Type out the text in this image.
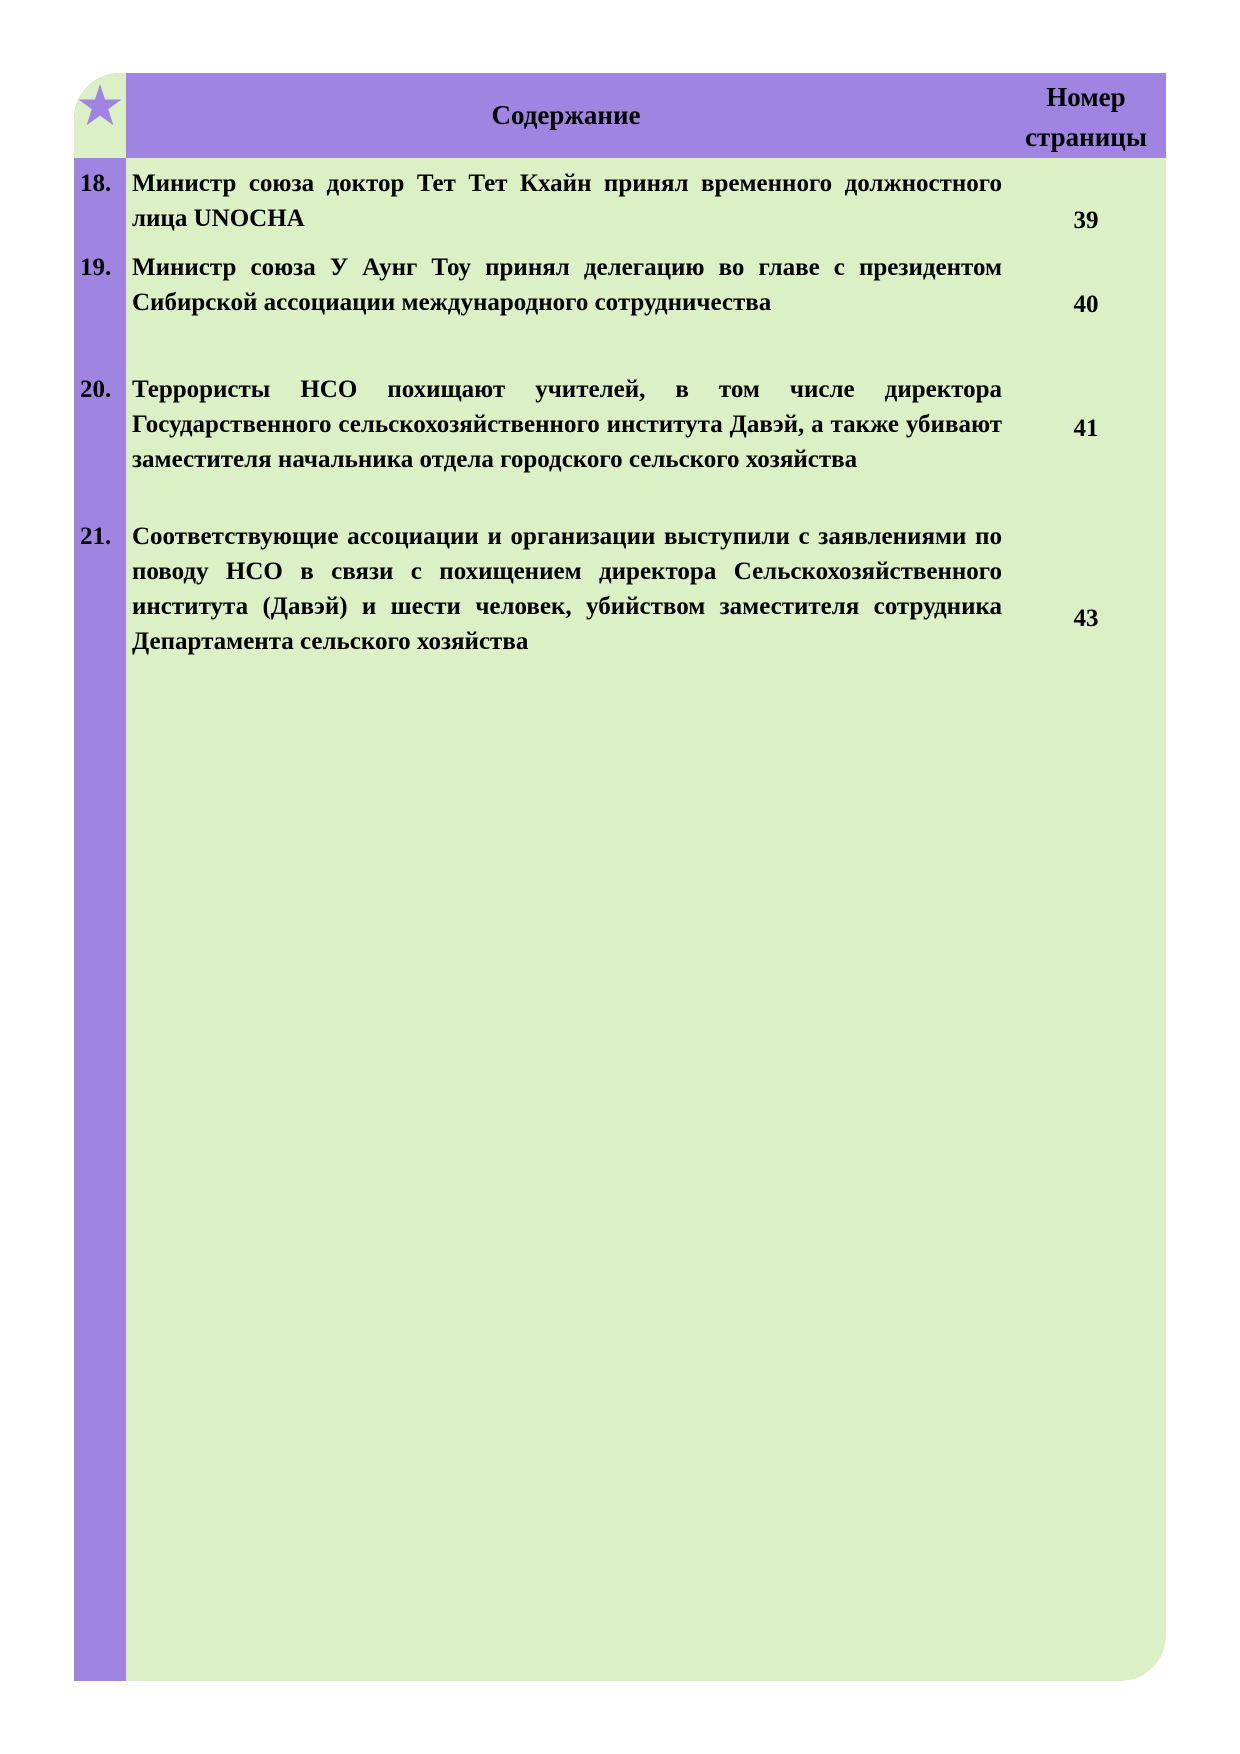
Содержание
Номер
страницы
18. Министр союза доктор Тет Тет Кхайн принял временного должностного лица UNOCHA	39
19. Министр союза У Аунг Тоу принял делегацию во главе с президентом Сибирской ассоциации международного сотрудничества	40
20. Террористы НСО похищают учителей, в том числе директора Государственного сельскохозяйственного института Давэй, а также убивают заместителя начальника отдела городского сельского хозяйства
41
21. Соответствующие ассоциации и организации выступили с заявлениями по поводу НСО в связи с похищением директора Сельскохозяйственного института (Давэй) и шести человек, убийством заместителя сотрудника Департамента сельского хозяйства
43
